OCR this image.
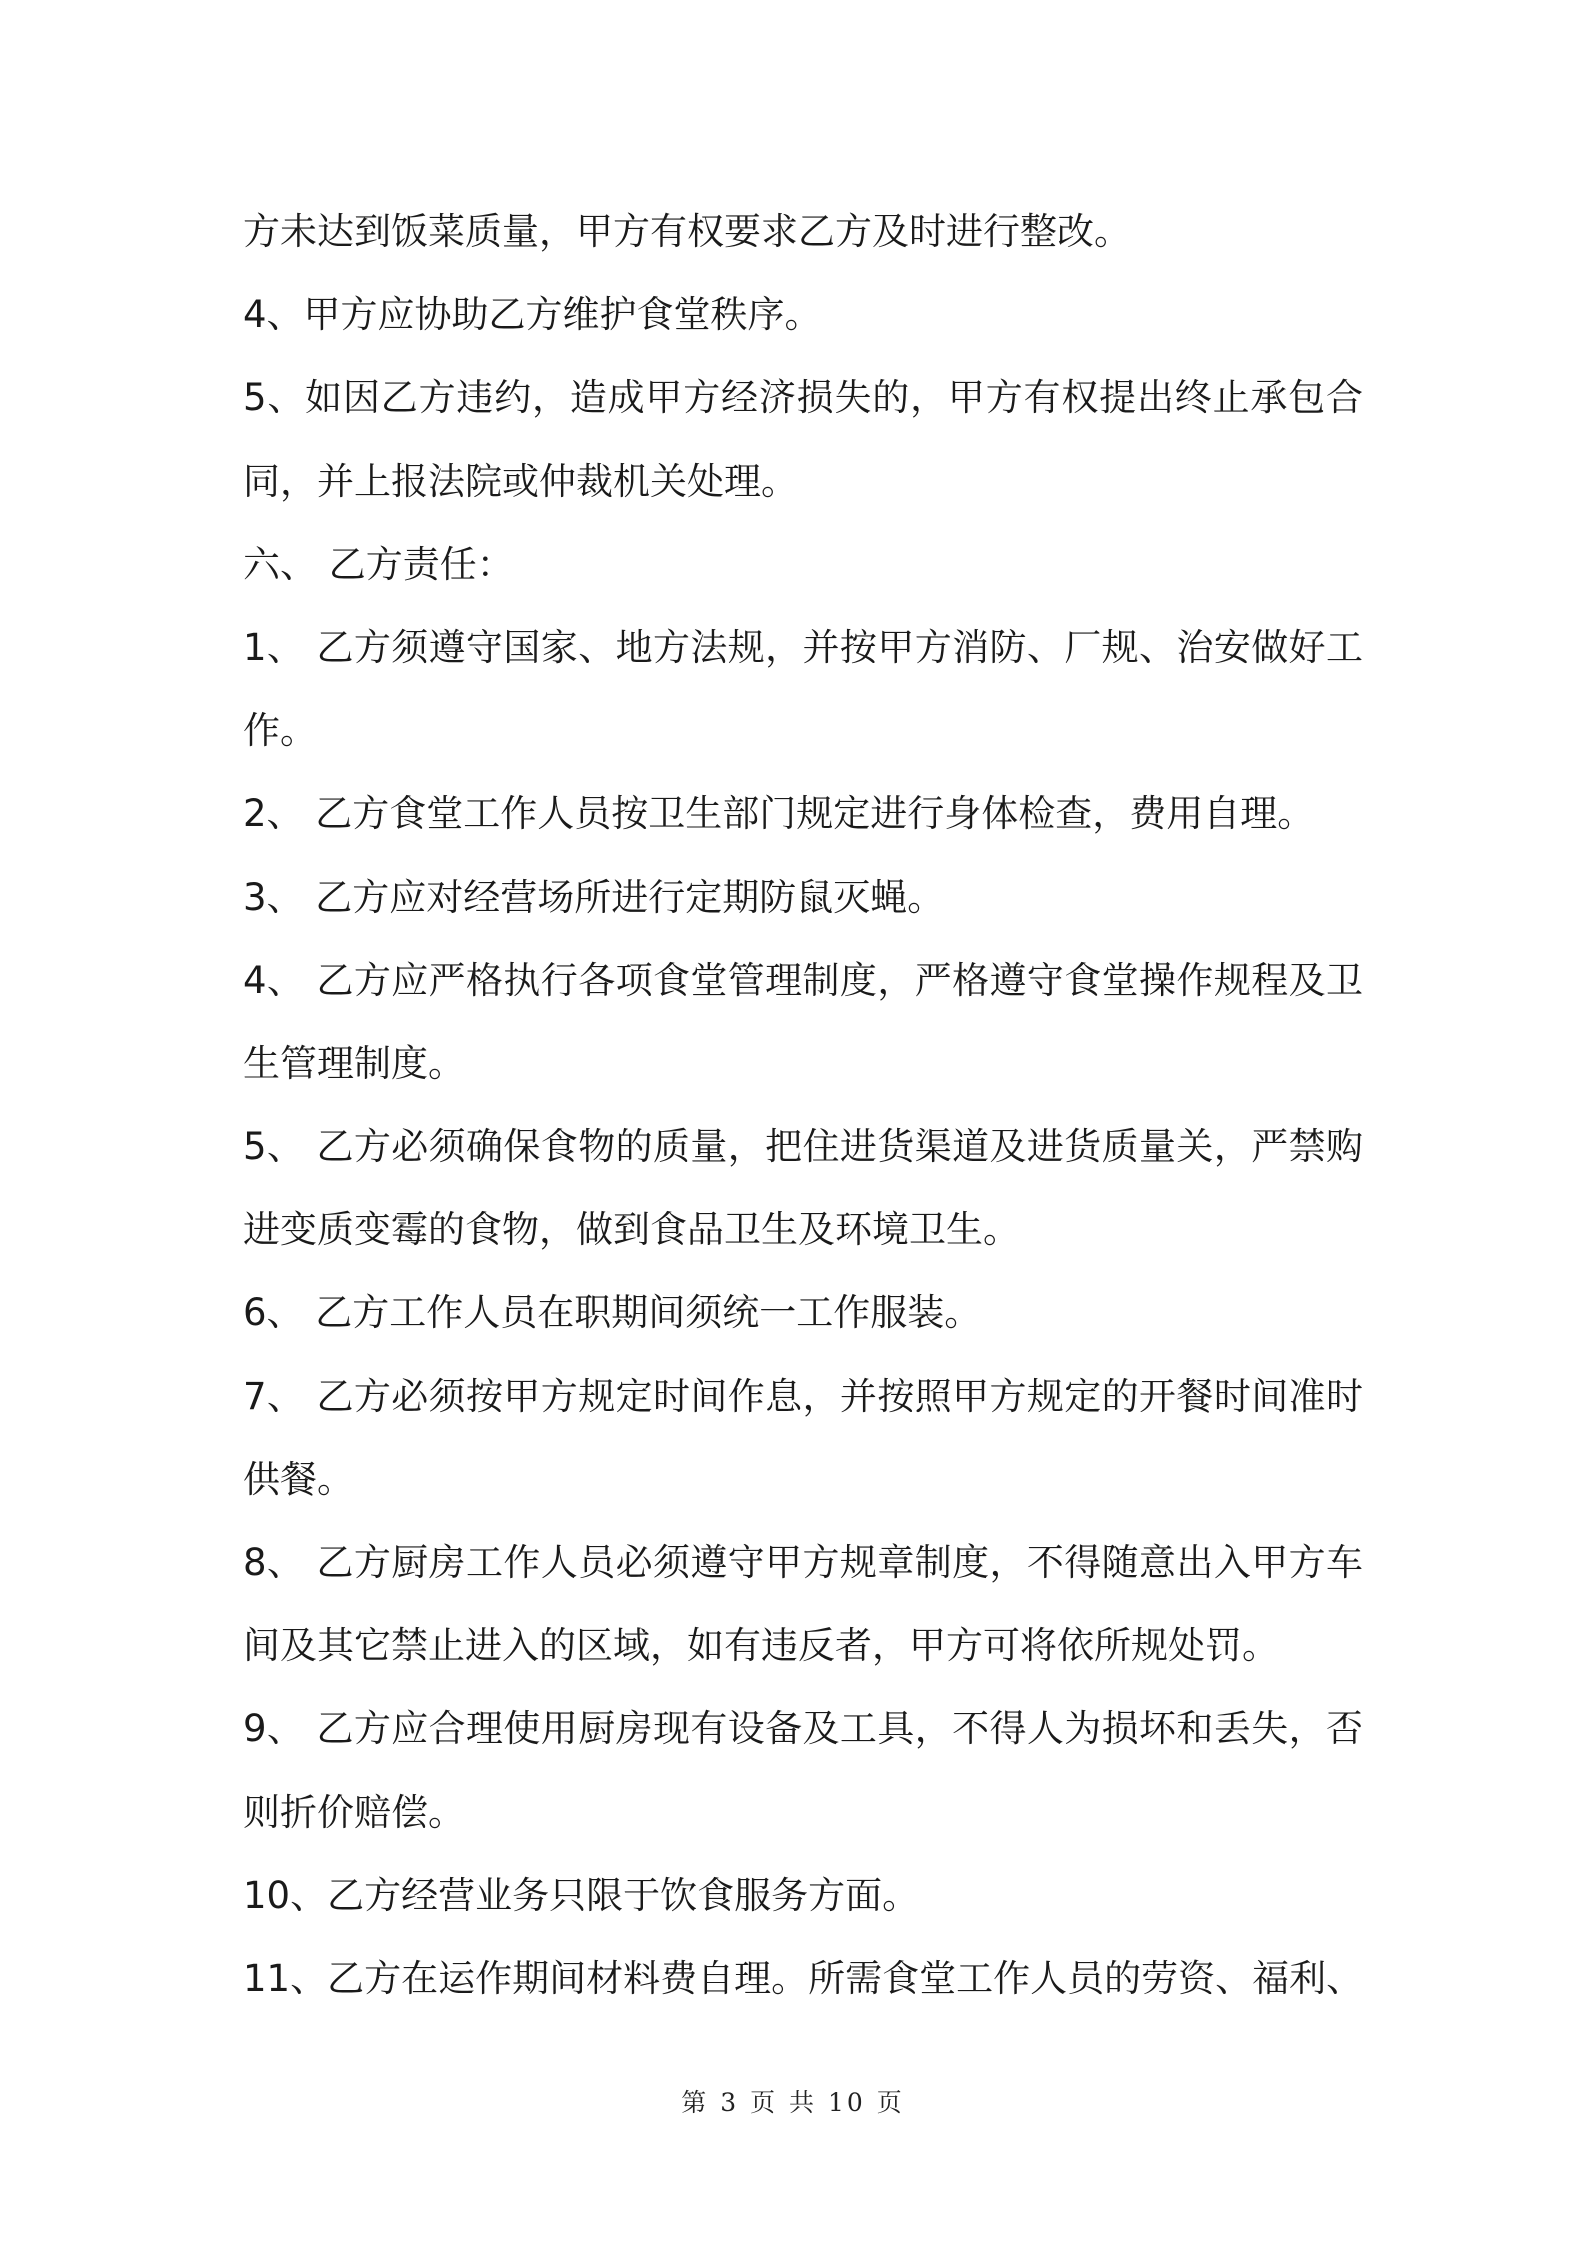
方未达到饭菜质量，甲方有权要求乙方及时进行整改。
4、甲方应协助乙方维护食堂秩序。
5、如因乙方违约，造成甲方经济损失的，甲方有权提出终止承包合
同，并上报法院或仲裁机关处理。
六、 乙方责任：
1、 乙方须遵守国家、地方法规，并按甲方消防、厂规、治安做好工
作。
2、 乙方食堂工作人员按卫生部门规定进行身体检查，费用自理。
3、 乙方应对经营场所进行定期防鼠灭蝇。
4、 乙方应严格执行各项食堂管理制度，严格遵守食堂操作规程及卫
生管理制度。
5、 乙方必须确保食物的质量，把住进货渠道及进货质量关，严禁购
进变质变霉的食物，做到食品卫生及环境卫生。
6、 乙方工作人员在职期间须统一工作服装。
7、 乙方必须按甲方规定时间作息，并按照甲方规定的开餐时间准时
供餐。
8、 乙方厨房工作人员必须遵守甲方规章制度，不得随意出入甲方车
间及其它禁止进入的区域，如有违反者，甲方可将依所规处罚。
9、 乙方应合理使用厨房现有设备及工具，不得人为损坏和丢失，否
则折价赔偿。
10、乙方经营业务只限于饮食服务方面。
11、乙方在运作期间材料费自理。所需食堂工作人员的劳资、福利、
第 3 页 共 10 页
